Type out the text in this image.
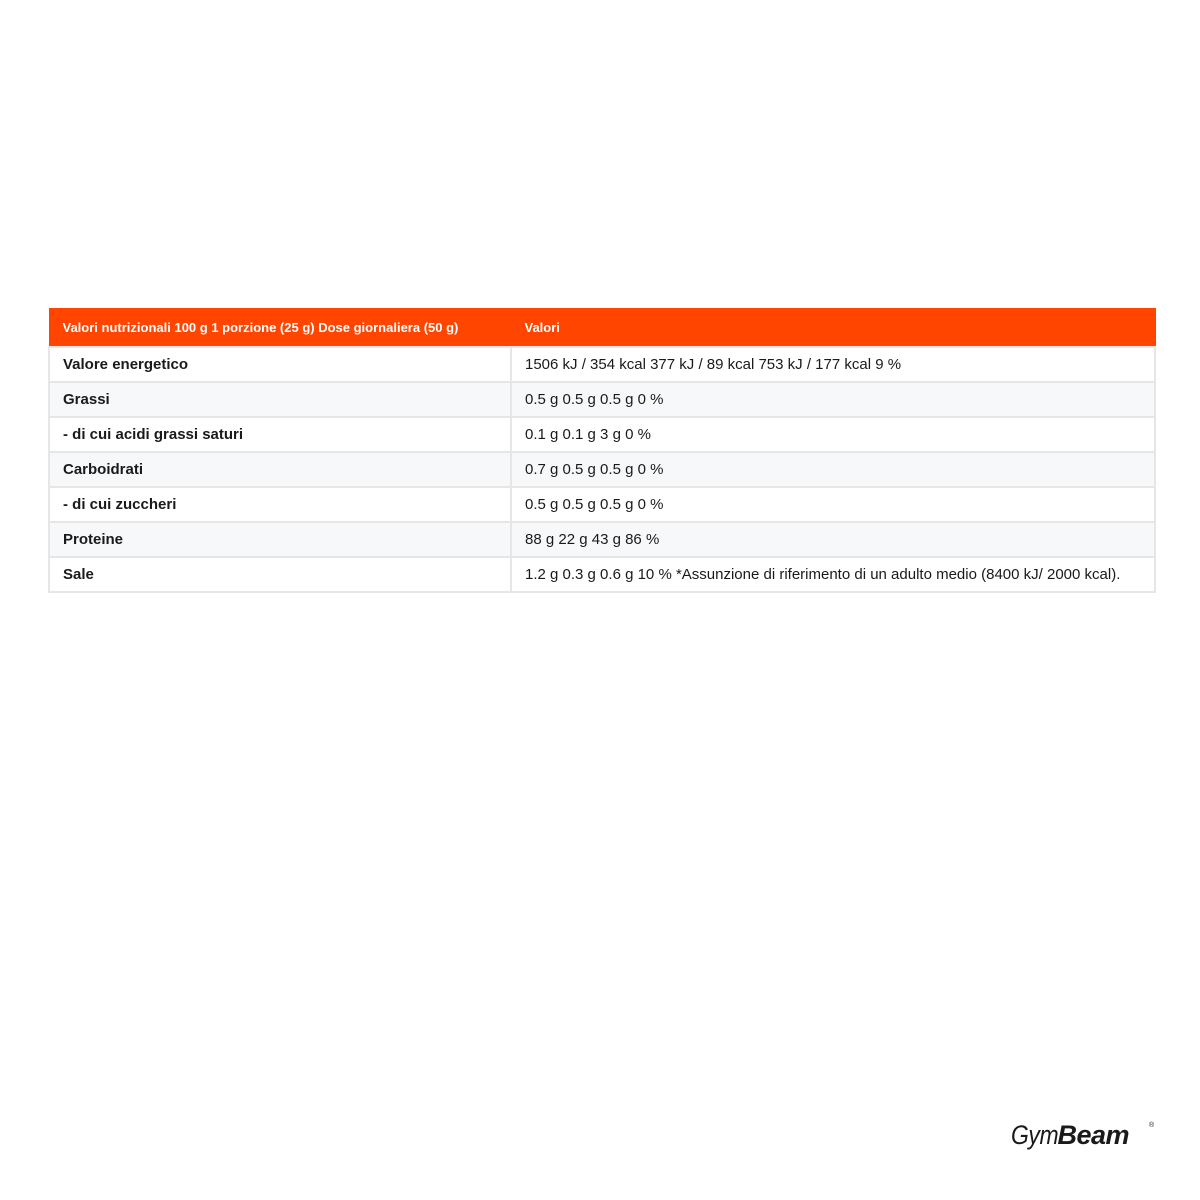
Valori nutrizionali 100 g 1 porzione (25 g) Dose giornaliera (50 g)	Valori
Valore energetico	1506 kJ / 354 kcal 377 kJ / 89 kcal 753 kJ / 177 kcal 9 %
Grassi	0.5 g 0.5 g 0.5 g 0 %
- di cui acidi grassi saturi	0.1 g 0.1 g 3 g 0 %
Carboidrati	0.7 g 0.5 g 0.5 g 0 %
- di cui zuccheri	0.5 g 0.5 g 0.5 g 0 %
Proteine	88 g 22 g 43 g 86 %
Sale	1.2 g 0.3 g 0.6 g 10 % *Assunzione di riferimento di un adulto medio (8400 kJ/ 2000 kcal).
GymBeam	®
